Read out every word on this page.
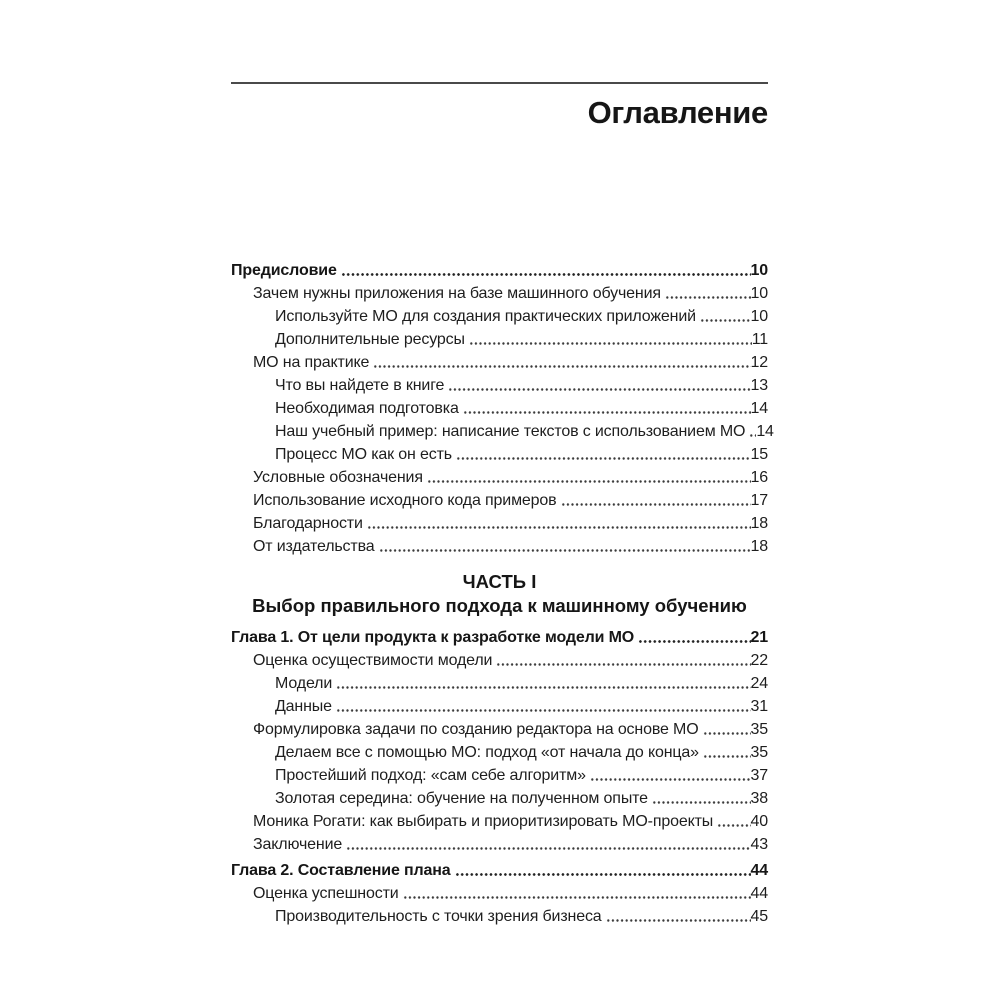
Оглавление
Предисловие	10
Зачем нужны приложения на базе машинного обучения	10
Используйте МО для создания практических приложений	10
Дополнительные ресурсы	11
МО на практике	12
Что вы найдете в книге	13
Необходимая подготовка	14
Наш учебный пример: написание текстов с использованием МО 14
Процесс МО как он есть	15
Условные обозначения	16
Использование исходного кода примеров	17
Благодарности	18
От издательства	18
ЧАСТЬ I
Выбор правильного подхода к машинному обучению
Глава 1. От цели продукта к разработке модели МО	21
Оценка осуществимости модели	22
Модели	24
Данные	31
Формулировка задачи по созданию редактора на основе МО	35
Делаем все с помощью МО: подход «от начала до конца»	35
Простейший подход: «сам себе алгоритм»	37
Золотая середина: обучение на полученном опыте	38
Моника Рогати: как выбирать и приоритизировать МО-проекты 40
Заключение	43
Глава 2. Составление плана	44
Оценка успешности	44
Производительность с точки зрения бизнеса	45
